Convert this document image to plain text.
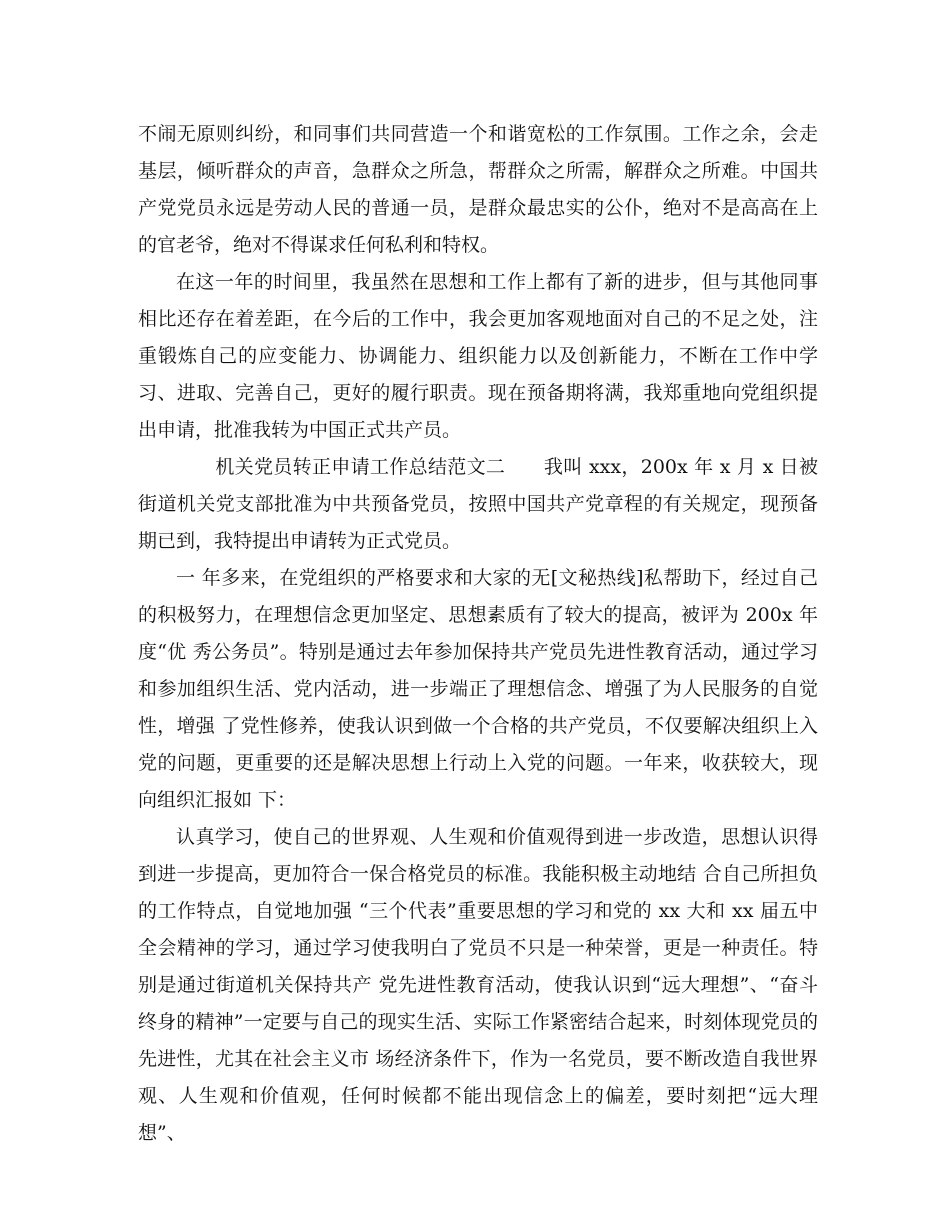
不闹无原则纠纷，和同事们共同营造一个和谐宽松的工作氛围。工作之余，会走基层，倾听群众的声音，急群众之所急，帮群众之所需，解群众之所难。中国共产党党员永远是劳动人民的普通一员，是群众最忠实的公仆，绝对不是高高在上的官老爷，绝对不得谋求任何私利和特权。

在这一年的时间里，我虽然在思想和工作上都有了新的进步，但与其他同事相比还存在着差距，在今后的工作中，我会更加客观地面对自己的不足之处，注重锻炼自己的应变能力、协调能力、组织能力以及创新能力，不断在工作中学习、进取、完善自己，更好的履行职责。现在预备期将满，我郑重地向党组织提出申请，批准我转为中国正式共产员。

　　　　机关党员转正申请工作总结范文二　　我叫 xxx，200x 年 x 月 x 日被街道机关党支部批准为中共预备党员，按照中国共产党章程的有关规定，现预备期已到，我特提出申请转为正式党员。

一 年多来，在党组织的严格要求和大家的无[文秘热线]私帮助下，经过自己的积极努力，在理想信念更加坚定、思想素质有了较大的提高，被评为 200x 年度“优 秀公务员”。特别是通过去年参加保持共产党员先进性教育活动，通过学习和参加组织生活、党内活动，进一步端正了理想信念、增强了为人民服务的自觉性，增强 了党性修养，使我认识到做一个合格的共产党员，不仅要解决组织上入党的问题，更重要的还是解决思想上行动上入党的问题。一年来，收获较大，现向组织汇报如 下：

认真学习，使自己的世界观、人生观和价值观得到进一步改造，思想认识得到进一步提高，更加符合一保合格党员的标准。我能积极主动地结 合自己所担负的工作特点，自觉地加强 “三个代表”重要思想的学习和党的 xx 大和 xx 届五中全会精神的学习，通过学习使我明白了党员不只是一种荣誉，更是一种责任。特别是通过街道机关保持共产 党先进性教育活动，使我认识到“远大理想”、“奋斗终身的精神”一定要与自己的现实生活、实际工作紧密结合起来，时刻体现党员的先进性，尤其在社会主义市 场经济条件下，作为一名党员，要不断改造自我世界观、人生观和价值观，任何时候都不能出现信念上的偏差，要时刻把“远大理想”、
